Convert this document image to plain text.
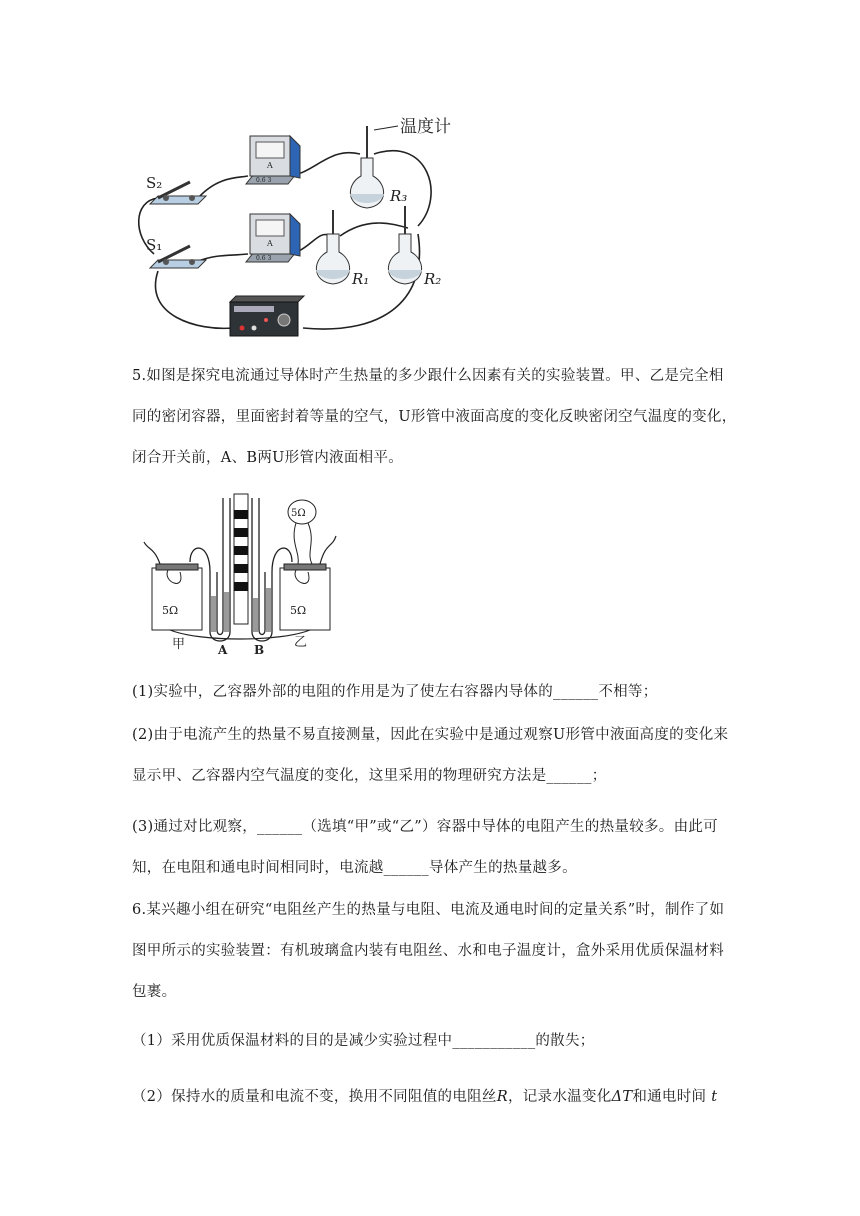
温度计
S₂
S₁
A
0.6 3
A
0.6 3
R₃
R₁	R₂

5.如图是探究电流通过导体时产生热量的多少跟什么因素有关的实验装置。甲、乙是完全相同的密闭容器，里面密封着等量的空气，U形管中液面高度的变化反映密闭空气温度的变化，闭合开关前，A、B两U形管内液面相平。

5Ω	5Ω
5Ω
甲	乙
A B

(1)实验中，乙容器外部的电阻的作用是为了使左右容器内导体的______不相等；

(2)由于电流产生的热量不易直接测量，因此在实验中是通过观察U形管中液面高度的变化来显示甲、乙容器内空气温度的变化，这里采用的物理研究方法是______；

(3)通过对比观察，______（选填“甲”或“乙”）容器中导体的电阻产生的热量较多。由此可知，在电阻和通电时间相同时，电流越______导体产生的热量越多。

6.某兴趣小组在研究“电阻丝产生的热量与电阻、电流及通电时间的定量关系”时，制作了如图甲所示的实验装置：有机玻璃盒内装有电阻丝、水和电子温度计，盒外采用优质保温材料包裹。

（1）采用优质保温材料的目的是减少实验过程中___________的散失；

（2）保持水的质量和电流不变，换用不同阻值的电阻丝R，记录水温变化ΔT和通电时间 t
